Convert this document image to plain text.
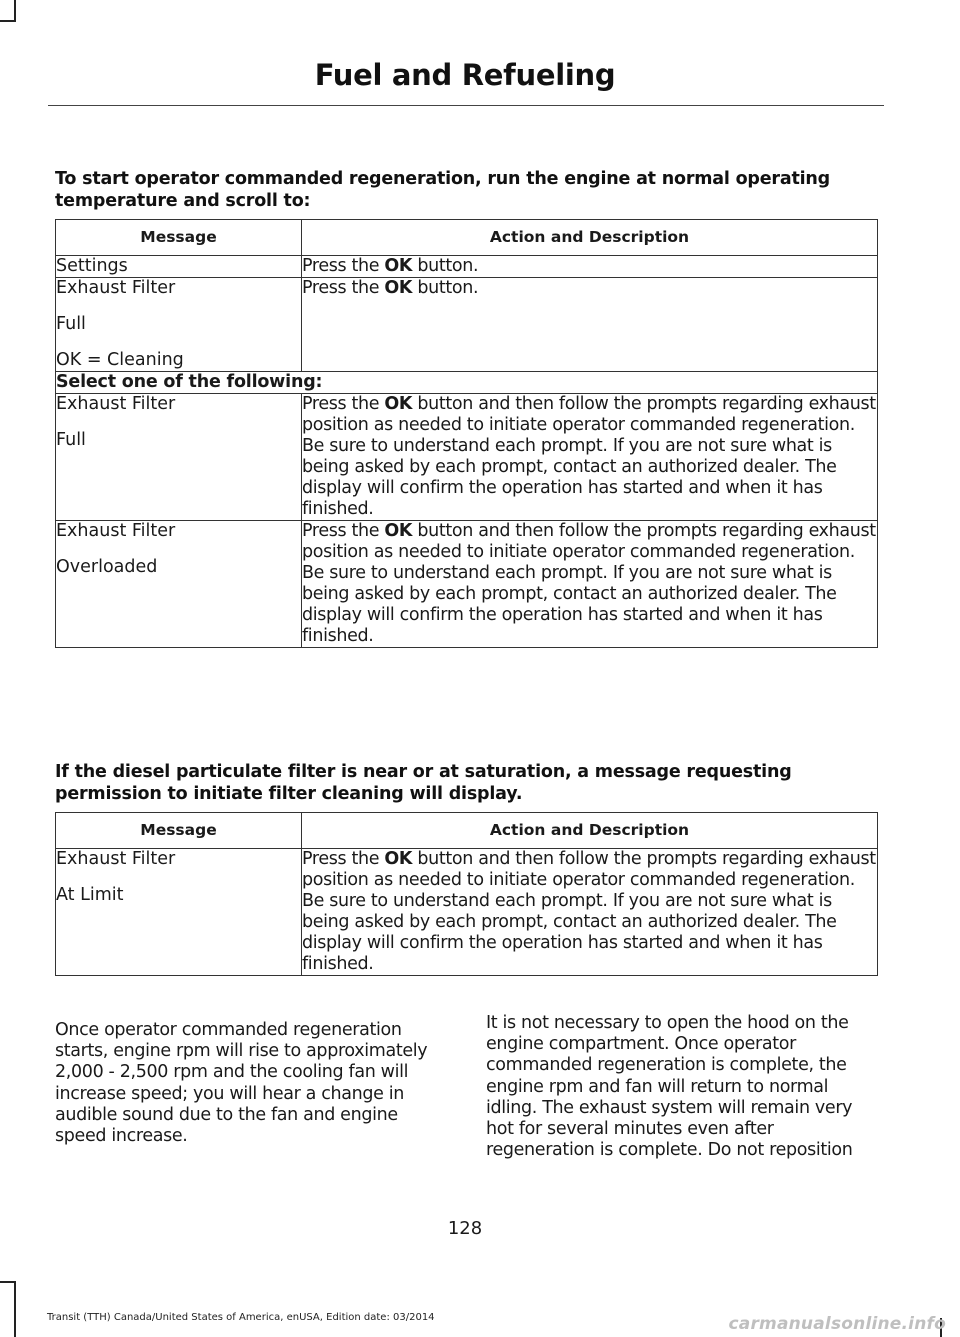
Fuel and Refueling
To start operator commanded regeneration, run the engine at normal operating temperature and scroll to:
Message	Action and Description

Settings	Press the OK button.

Exhaust Filter
Full
OK = Cleaning	Press the OK button.
Select one of the following:	

Exhaust Filter
Full	Press the OK button and then follow the prompts regarding exhaust position as needed to initiate operator commanded regeneration. Be sure to understand each prompt. If you are not sure what is being asked by each prompt, contact an authorized dealer. The display will confirm the operation has started and when it has finished.

Exhaust Filter
Overloaded	Press the OK button and then follow the prompts regarding exhaust position as needed to initiate operator commanded regeneration. Be sure to understand each prompt. If you are not sure what is being asked by each prompt, contact an authorized dealer. The display will confirm the operation has started and when it has finished.
If the diesel particulate filter is near or at saturation, a message requesting permission to initiate filter cleaning will display.
Message	Action and Description

Exhaust Filter
At Limit	Press the OK button and then follow the prompts regarding exhaust position as needed to initiate operator commanded regeneration. Be sure to understand each prompt. If you are not sure what is being asked by each prompt, contact an authorized dealer. The display will confirm the operation has started and when it has finished.
Once operator commanded regeneration starts, engine rpm will rise to approximately 2,000 - 2,500 rpm and the cooling fan will increase speed; you will hear a change in audible sound due to the fan and engine speed increase.
It is not necessary to open the hood on the engine compartment. Once operator commanded regeneration is complete, the engine rpm and fan will return to normal idling. The exhaust system will remain very hot for several minutes even after regeneration is complete. Do not reposition
128
Transit (TTH) Canada/United States of America, enUSA, Edition date: 03/2014	carmanualsonline.info
